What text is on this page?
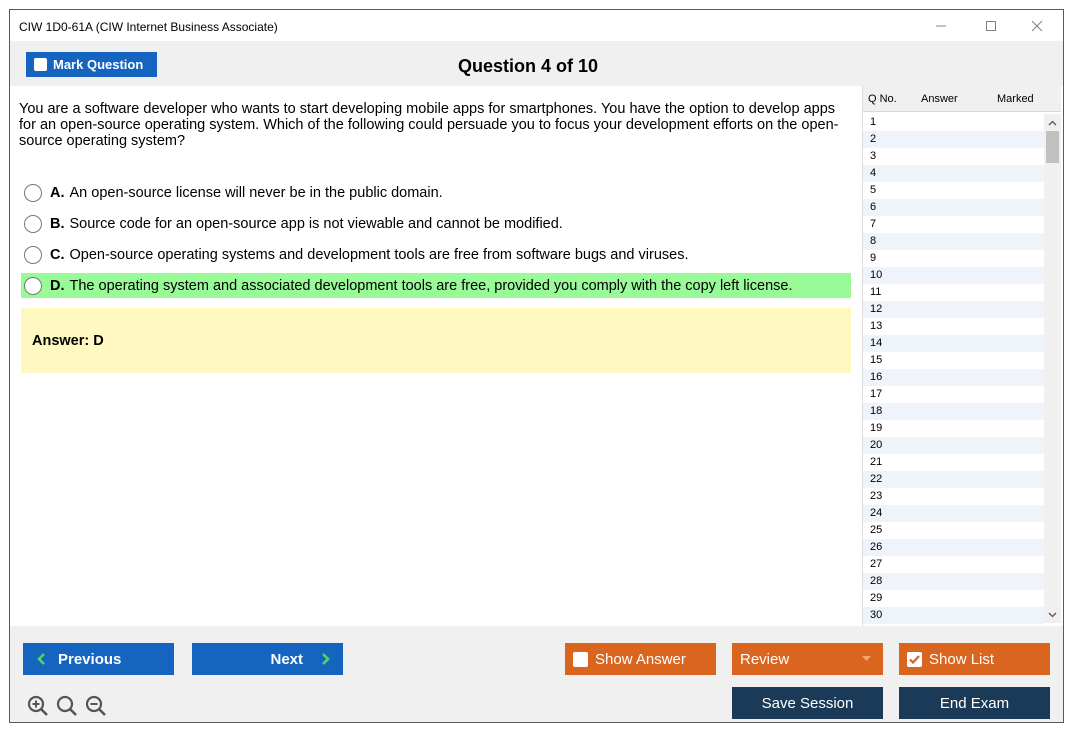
CIW 1D0-61A (CIW Internet Business Associate)
Mark Question	Question 4 of 10
You are a software developer who wants to start developing mobile apps for smartphones. You have the option to develop apps for an open-source operating system. Which of the following could persuade you to focus your development efforts on the open-source operating system?
A. An open-source license will never be in the public domain.
B. Source code for an open-source app is not viewable and cannot be modified.
C. Open-source operating systems and development tools are free from software bugs and viruses.
D. The operating system and associated development tools are free, provided you comply with the copy left license.
Answer: D
Q No. Answer	Marked
1
2
3
4
5
6
7
8
9
10
11
12
13
14
15
16
17
18
19
20
21
22
23
24
25
26
27
28
29
30
Previous	Next	Show Answer	Review	Show List
Save Session	End Exam
